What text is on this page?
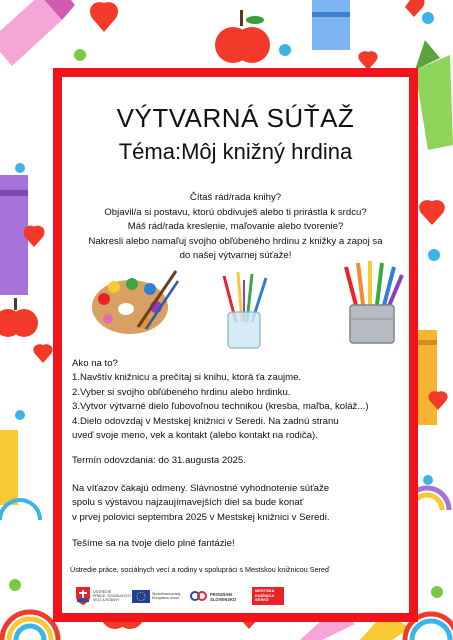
VÝTVARNÁ SÚŤAŽ
Téma:Môj knižný hrdina
Čítaš rád/rada knihy?
Objavil/a si postavu, ktorú obdivuješ alebo ti prirástla k srdcu?
Máš rád/rada kreslenie, maľovanie alebo tvorenie?
Nakresli alebo namaľuj svojho obľúbeného hrdinu z knižky a zapoj sa
do našej výtvarnej súťaže!
Ako na to?
1.Navštív knižnicu a prečítaj si knihu, ktorá ťa zaujme.
2.Vyber si svojho obľúbeného hrdinu alebo hrdinku.
3.Vytvor výtvarné dielo ľubovoľnou technikou (kresba, maľba, koláž...)
4.Dielo odovzdaj v Mestskej knižnici v Seredi. Na zadnú stranu
uveď svoje meno, vek a kontakt (alebo kontakt na rodiča).
Termín odovzdania: do 31.augusta 2025.
Na víťazov čakajú odmeny. Slávnostné vyhodnotenie súťaže
spolu s výstavou najzaujímavejších diel sa bude konať
v prvej polovici septembra 2025 v Mestskej knižnici v Seredi.
Tešíme sa na tvoje dielo plné fantázie!
Ústredie práce, sociálnych vecí a rodiny v spolupráci s Mestskou knižnicou Sereď
ÚSTREDIE
PRÁCE, SOCIÁLNYCH
VECÍ A RODINY
Spolufinancovaný
Európskou úniou
PROGRAM
SLOVENSKO
MESTSKÁ
KNIŽNICA
SEREĎ
